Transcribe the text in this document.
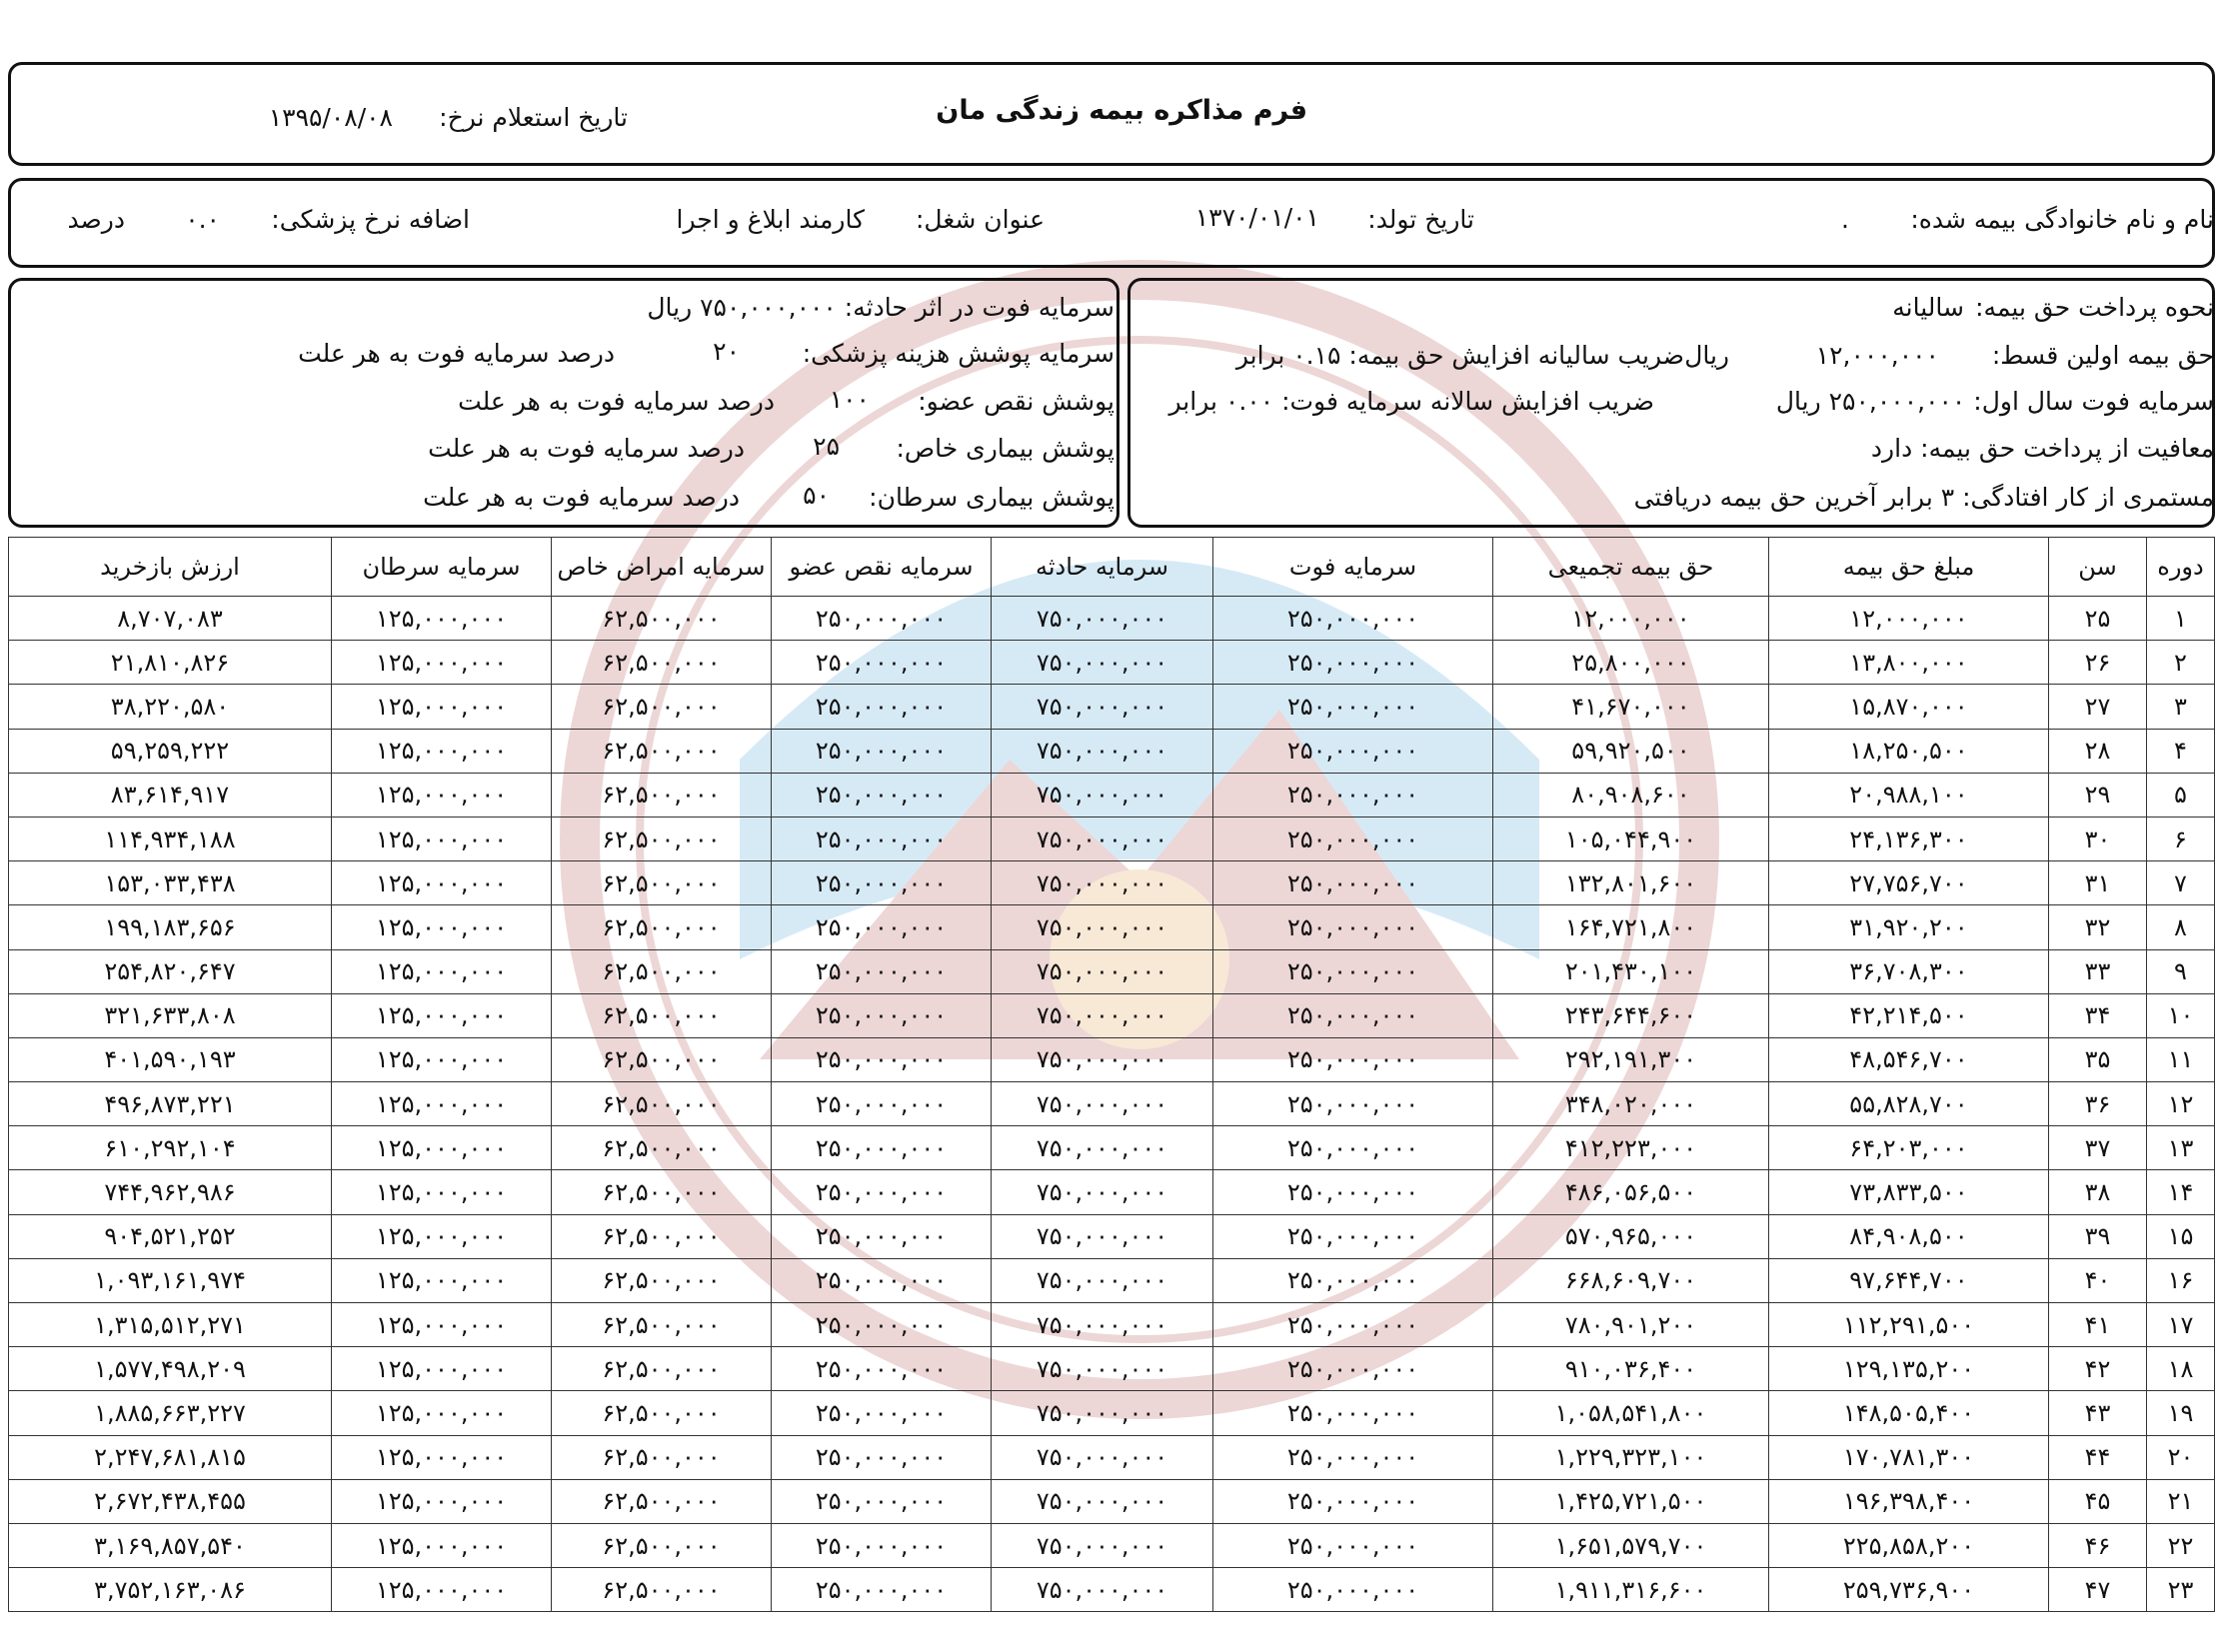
فرم مذاکره بیمه زندگی مان
تاریخ استعلام نرخ:
۱۳۹۵/۰۸/۰۸
نام و نام خانوادگی بیمه شده:
.
تاریخ تولد:
۱۳۷۰/۰۱/۰۱
عنوان شغل:
کارمند ابلاغ و اجرا
اضافه نرخ پزشکی:
۰.۰
درصد
نحوه پرداخت حق بیمه:
سالیانه
حق بیمه اولین قسط:
۱۲,۰۰۰,۰۰۰
ریال
ضریب سالیانه افزایش حق بیمه: ۰.۱۵ برابر
سرمایه فوت سال اول: ۲۵۰,۰۰۰,۰۰۰ ریال
ضریب افزایش سالانه سرمایه فوت: ۰.۰۰ برابر
معافیت از پرداخت حق بیمه: دارد
مستمری از کار افتادگی: ۳ برابر آخرین حق بیمه دریافتی
سرمایه فوت در اثر حادثه: ۷۵۰,۰۰۰,۰۰۰ ریال
سرمایه پوشش هزینه پزشکی:
۲۰
درصد سرمایه فوت به هر علت
پوشش نقص عضو:
۱۰۰
درصد سرمایه فوت به هر علت
پوشش بیماری خاص:
۲۵
درصد سرمایه فوت به هر علت
پوشش بیماری سرطان:
۵۰
درصد سرمایه فوت به هر علت
دوره	سن	مبلغ حق بیمه	حق بیمه تجمیعی	سرمایه فوت	سرمایه حادثه	سرمایه نقص عضو	سرمایه امراض خاص	سرمایه سرطان	ارزش بازخرید
۱	۲۵	۱۲,۰۰۰,۰۰۰	۱۲,۰۰۰,۰۰۰	۲۵۰,۰۰۰,۰۰۰	۷۵۰,۰۰۰,۰۰۰	۲۵۰,۰۰۰,۰۰۰	۶۲,۵۰۰,۰۰۰	۱۲۵,۰۰۰,۰۰۰	۸,۷۰۷,۰۸۳
۲	۲۶	۱۳,۸۰۰,۰۰۰	۲۵,۸۰۰,۰۰۰	۲۵۰,۰۰۰,۰۰۰	۷۵۰,۰۰۰,۰۰۰	۲۵۰,۰۰۰,۰۰۰	۶۲,۵۰۰,۰۰۰	۱۲۵,۰۰۰,۰۰۰	۲۱,۸۱۰,۸۲۶
۳	۲۷	۱۵,۸۷۰,۰۰۰	۴۱,۶۷۰,۰۰۰	۲۵۰,۰۰۰,۰۰۰	۷۵۰,۰۰۰,۰۰۰	۲۵۰,۰۰۰,۰۰۰	۶۲,۵۰۰,۰۰۰	۱۲۵,۰۰۰,۰۰۰	۳۸,۲۲۰,۵۸۰
۴	۲۸	۱۸,۲۵۰,۵۰۰	۵۹,۹۲۰,۵۰۰	۲۵۰,۰۰۰,۰۰۰	۷۵۰,۰۰۰,۰۰۰	۲۵۰,۰۰۰,۰۰۰	۶۲,۵۰۰,۰۰۰	۱۲۵,۰۰۰,۰۰۰	۵۹,۲۵۹,۲۲۲
۵	۲۹	۲۰,۹۸۸,۱۰۰	۸۰,۹۰۸,۶۰۰	۲۵۰,۰۰۰,۰۰۰	۷۵۰,۰۰۰,۰۰۰	۲۵۰,۰۰۰,۰۰۰	۶۲,۵۰۰,۰۰۰	۱۲۵,۰۰۰,۰۰۰	۸۳,۶۱۴,۹۱۷
۶	۳۰	۲۴,۱۳۶,۳۰۰	۱۰۵,۰۴۴,۹۰۰	۲۵۰,۰۰۰,۰۰۰	۷۵۰,۰۰۰,۰۰۰	۲۵۰,۰۰۰,۰۰۰	۶۲,۵۰۰,۰۰۰	۱۲۵,۰۰۰,۰۰۰	۱۱۴,۹۳۴,۱۸۸
۷	۳۱	۲۷,۷۵۶,۷۰۰	۱۳۲,۸۰۱,۶۰۰	۲۵۰,۰۰۰,۰۰۰	۷۵۰,۰۰۰,۰۰۰	۲۵۰,۰۰۰,۰۰۰	۶۲,۵۰۰,۰۰۰	۱۲۵,۰۰۰,۰۰۰	۱۵۳,۰۳۳,۴۳۸
۸	۳۲	۳۱,۹۲۰,۲۰۰	۱۶۴,۷۲۱,۸۰۰	۲۵۰,۰۰۰,۰۰۰	۷۵۰,۰۰۰,۰۰۰	۲۵۰,۰۰۰,۰۰۰	۶۲,۵۰۰,۰۰۰	۱۲۵,۰۰۰,۰۰۰	۱۹۹,۱۸۳,۶۵۶
۹	۳۳	۳۶,۷۰۸,۳۰۰	۲۰۱,۴۳۰,۱۰۰	۲۵۰,۰۰۰,۰۰۰	۷۵۰,۰۰۰,۰۰۰	۲۵۰,۰۰۰,۰۰۰	۶۲,۵۰۰,۰۰۰	۱۲۵,۰۰۰,۰۰۰	۲۵۴,۸۲۰,۶۴۷
۱۰	۳۴	۴۲,۲۱۴,۵۰۰	۲۴۳,۶۴۴,۶۰۰	۲۵۰,۰۰۰,۰۰۰	۷۵۰,۰۰۰,۰۰۰	۲۵۰,۰۰۰,۰۰۰	۶۲,۵۰۰,۰۰۰	۱۲۵,۰۰۰,۰۰۰	۳۲۱,۶۳۳,۸۰۸
۱۱	۳۵	۴۸,۵۴۶,۷۰۰	۲۹۲,۱۹۱,۳۰۰	۲۵۰,۰۰۰,۰۰۰	۷۵۰,۰۰۰,۰۰۰	۲۵۰,۰۰۰,۰۰۰	۶۲,۵۰۰,۰۰۰	۱۲۵,۰۰۰,۰۰۰	۴۰۱,۵۹۰,۱۹۳
۱۲	۳۶	۵۵,۸۲۸,۷۰۰	۳۴۸,۰۲۰,۰۰۰	۲۵۰,۰۰۰,۰۰۰	۷۵۰,۰۰۰,۰۰۰	۲۵۰,۰۰۰,۰۰۰	۶۲,۵۰۰,۰۰۰	۱۲۵,۰۰۰,۰۰۰	۴۹۶,۸۷۳,۲۲۱
۱۳	۳۷	۶۴,۲۰۳,۰۰۰	۴۱۲,۲۲۳,۰۰۰	۲۵۰,۰۰۰,۰۰۰	۷۵۰,۰۰۰,۰۰۰	۲۵۰,۰۰۰,۰۰۰	۶۲,۵۰۰,۰۰۰	۱۲۵,۰۰۰,۰۰۰	۶۱۰,۲۹۲,۱۰۴
۱۴	۳۸	۷۳,۸۳۳,۵۰۰	۴۸۶,۰۵۶,۵۰۰	۲۵۰,۰۰۰,۰۰۰	۷۵۰,۰۰۰,۰۰۰	۲۵۰,۰۰۰,۰۰۰	۶۲,۵۰۰,۰۰۰	۱۲۵,۰۰۰,۰۰۰	۷۴۴,۹۶۲,۹۸۶
۱۵	۳۹	۸۴,۹۰۸,۵۰۰	۵۷۰,۹۶۵,۰۰۰	۲۵۰,۰۰۰,۰۰۰	۷۵۰,۰۰۰,۰۰۰	۲۵۰,۰۰۰,۰۰۰	۶۲,۵۰۰,۰۰۰	۱۲۵,۰۰۰,۰۰۰	۹۰۴,۵۲۱,۲۵۲
۱۶	۴۰	۹۷,۶۴۴,۷۰۰	۶۶۸,۶۰۹,۷۰۰	۲۵۰,۰۰۰,۰۰۰	۷۵۰,۰۰۰,۰۰۰	۲۵۰,۰۰۰,۰۰۰	۶۲,۵۰۰,۰۰۰	۱۲۵,۰۰۰,۰۰۰	۱,۰۹۳,۱۶۱,۹۷۴
۱۷	۴۱	۱۱۲,۲۹۱,۵۰۰	۷۸۰,۹۰۱,۲۰۰	۲۵۰,۰۰۰,۰۰۰	۷۵۰,۰۰۰,۰۰۰	۲۵۰,۰۰۰,۰۰۰	۶۲,۵۰۰,۰۰۰	۱۲۵,۰۰۰,۰۰۰	۱,۳۱۵,۵۱۲,۲۷۱
۱۸	۴۲	۱۲۹,۱۳۵,۲۰۰	۹۱۰,۰۳۶,۴۰۰	۲۵۰,۰۰۰,۰۰۰	۷۵۰,۰۰۰,۰۰۰	۲۵۰,۰۰۰,۰۰۰	۶۲,۵۰۰,۰۰۰	۱۲۵,۰۰۰,۰۰۰	۱,۵۷۷,۴۹۸,۲۰۹
۱۹	۴۳	۱۴۸,۵۰۵,۴۰۰	۱,۰۵۸,۵۴۱,۸۰۰	۲۵۰,۰۰۰,۰۰۰	۷۵۰,۰۰۰,۰۰۰	۲۵۰,۰۰۰,۰۰۰	۶۲,۵۰۰,۰۰۰	۱۲۵,۰۰۰,۰۰۰	۱,۸۸۵,۶۶۳,۲۲۷
۲۰	۴۴	۱۷۰,۷۸۱,۳۰۰	۱,۲۲۹,۳۲۳,۱۰۰	۲۵۰,۰۰۰,۰۰۰	۷۵۰,۰۰۰,۰۰۰	۲۵۰,۰۰۰,۰۰۰	۶۲,۵۰۰,۰۰۰	۱۲۵,۰۰۰,۰۰۰	۲,۲۴۷,۶۸۱,۸۱۵
۲۱	۴۵	۱۹۶,۳۹۸,۴۰۰	۱,۴۲۵,۷۲۱,۵۰۰	۲۵۰,۰۰۰,۰۰۰	۷۵۰,۰۰۰,۰۰۰	۲۵۰,۰۰۰,۰۰۰	۶۲,۵۰۰,۰۰۰	۱۲۵,۰۰۰,۰۰۰	۲,۶۷۲,۴۳۸,۴۵۵
۲۲	۴۶	۲۲۵,۸۵۸,۲۰۰	۱,۶۵۱,۵۷۹,۷۰۰	۲۵۰,۰۰۰,۰۰۰	۷۵۰,۰۰۰,۰۰۰	۲۵۰,۰۰۰,۰۰۰	۶۲,۵۰۰,۰۰۰	۱۲۵,۰۰۰,۰۰۰	۳,۱۶۹,۸۵۷,۵۴۰
۲۳	۴۷	۲۵۹,۷۳۶,۹۰۰	۱,۹۱۱,۳۱۶,۶۰۰	۲۵۰,۰۰۰,۰۰۰	۷۵۰,۰۰۰,۰۰۰	۲۵۰,۰۰۰,۰۰۰	۶۲,۵۰۰,۰۰۰	۱۲۵,۰۰۰,۰۰۰	۳,۷۵۲,۱۶۳,۰۸۶
